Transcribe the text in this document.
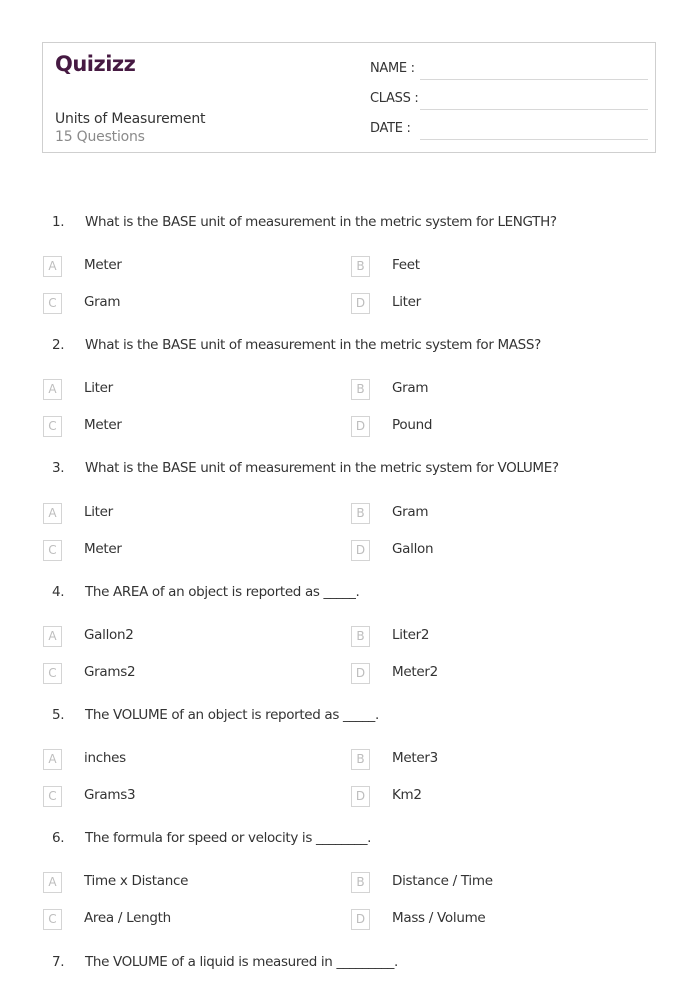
Quizizz
Units of Measurement
15 Questions
NAME :
CLASS :
DATE :
1. What is the BASE unit of measurement in the metric system for LENGTH?
A	Meter	B	Feet
C	Gram	D	Liter
2. What is the BASE unit of measurement in the metric system for MASS?
A	Liter	B	Gram
C	Meter	D	Pound
3. What is the BASE unit of measurement in the metric system for VOLUME?
A	Liter	B	Gram
C	Meter	D	Gallon
4. The AREA of an object is reported as _____.
A	Gallon2	B	Liter2
C	Grams2	D	Meter2
5. The VOLUME of an object is reported as _____.
A	inches	B	Meter3
C	Grams3	D	Km2
6. The formula for speed or velocity is ________.
A	Time x Distance	B	Distance / Time
C	Area / Length	D	Mass / Volume
7. The VOLUME of a liquid is measured in _________.
